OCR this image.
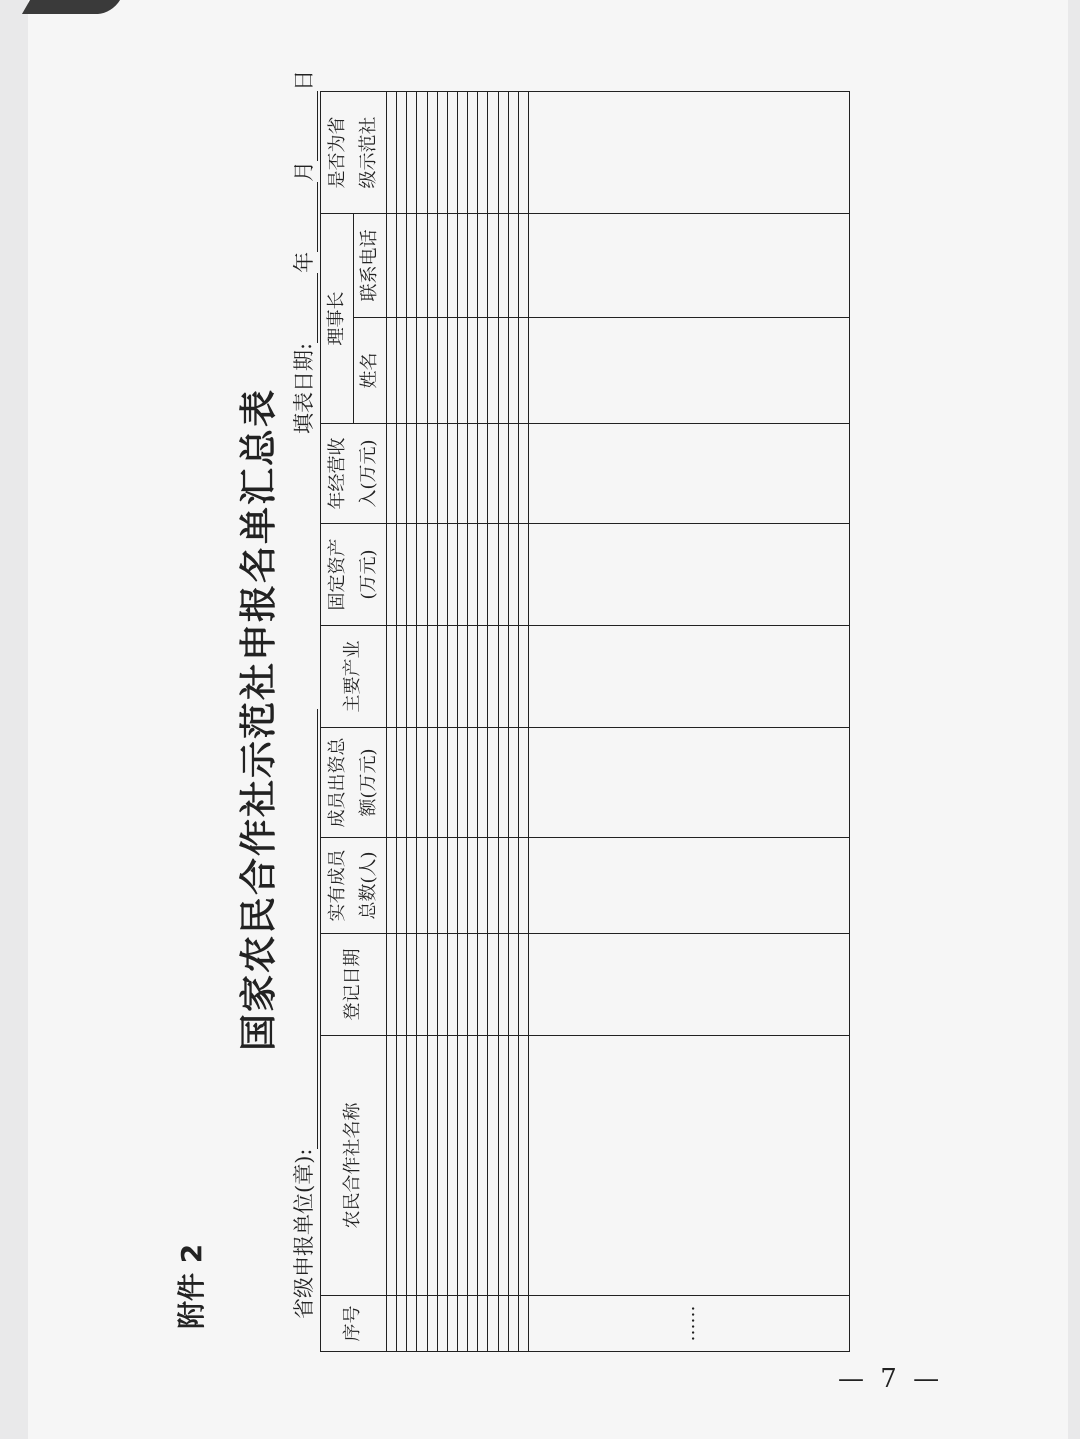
附件 2
国家农民合作社示范社申报名单汇总表
省级申报单位(章):
填表日期:年月日
序号	农民合作社名称	登记日期	实有成员总数(人)	成员出资总额(万元)	主要产业	固定资产(万元)	年经营收入(万元)	理事长		是否为省级示范社
								姓名	联系电话	

……										
— 7 —
